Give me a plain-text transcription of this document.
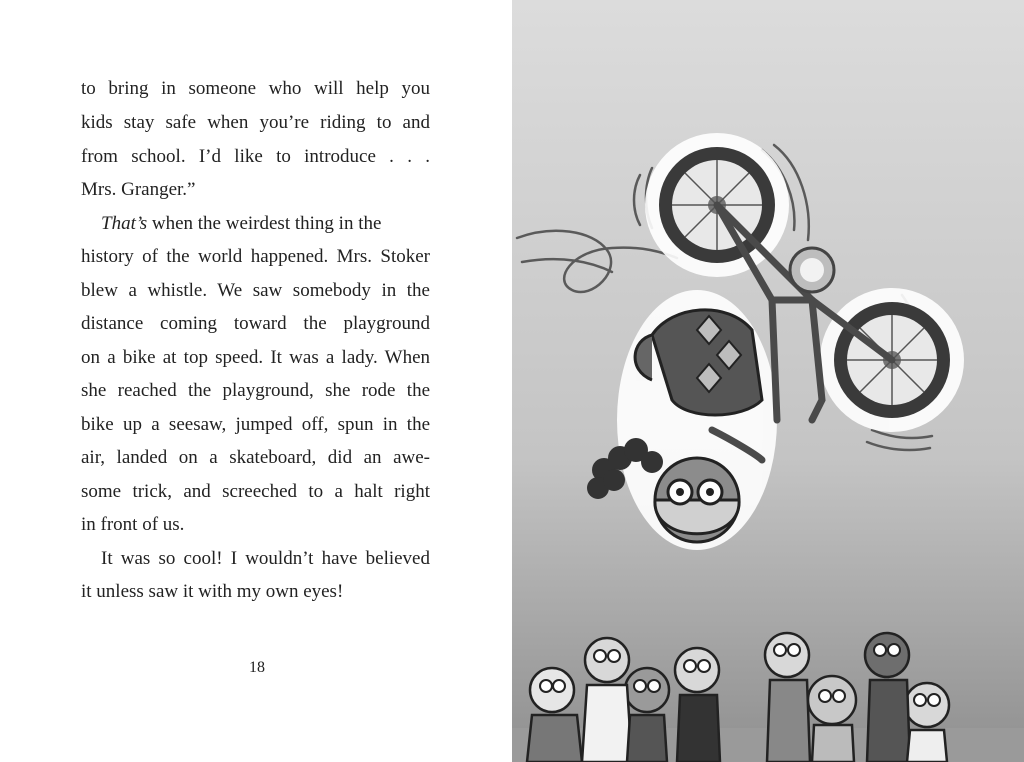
to bring in someone who will help you

kids stay safe when you’re riding to and

from school. I’d like to introduce . . .

Mrs. Granger.”

That’s when the weirdest thing in the

history of the world happened. Mrs. Stoker

blew a whistle. We saw somebody in the

distance coming toward the playground

on a bike at top speed. It was a lady. When

she reached the playground, she rode the

bike up a seesaw, jumped off, spun in the

air, landed on a skateboard, did an awe-

some trick, and screeched to a halt right

in front of us.

It was so cool! I wouldn’t have believed

it unless saw it with my own eyes!

18
